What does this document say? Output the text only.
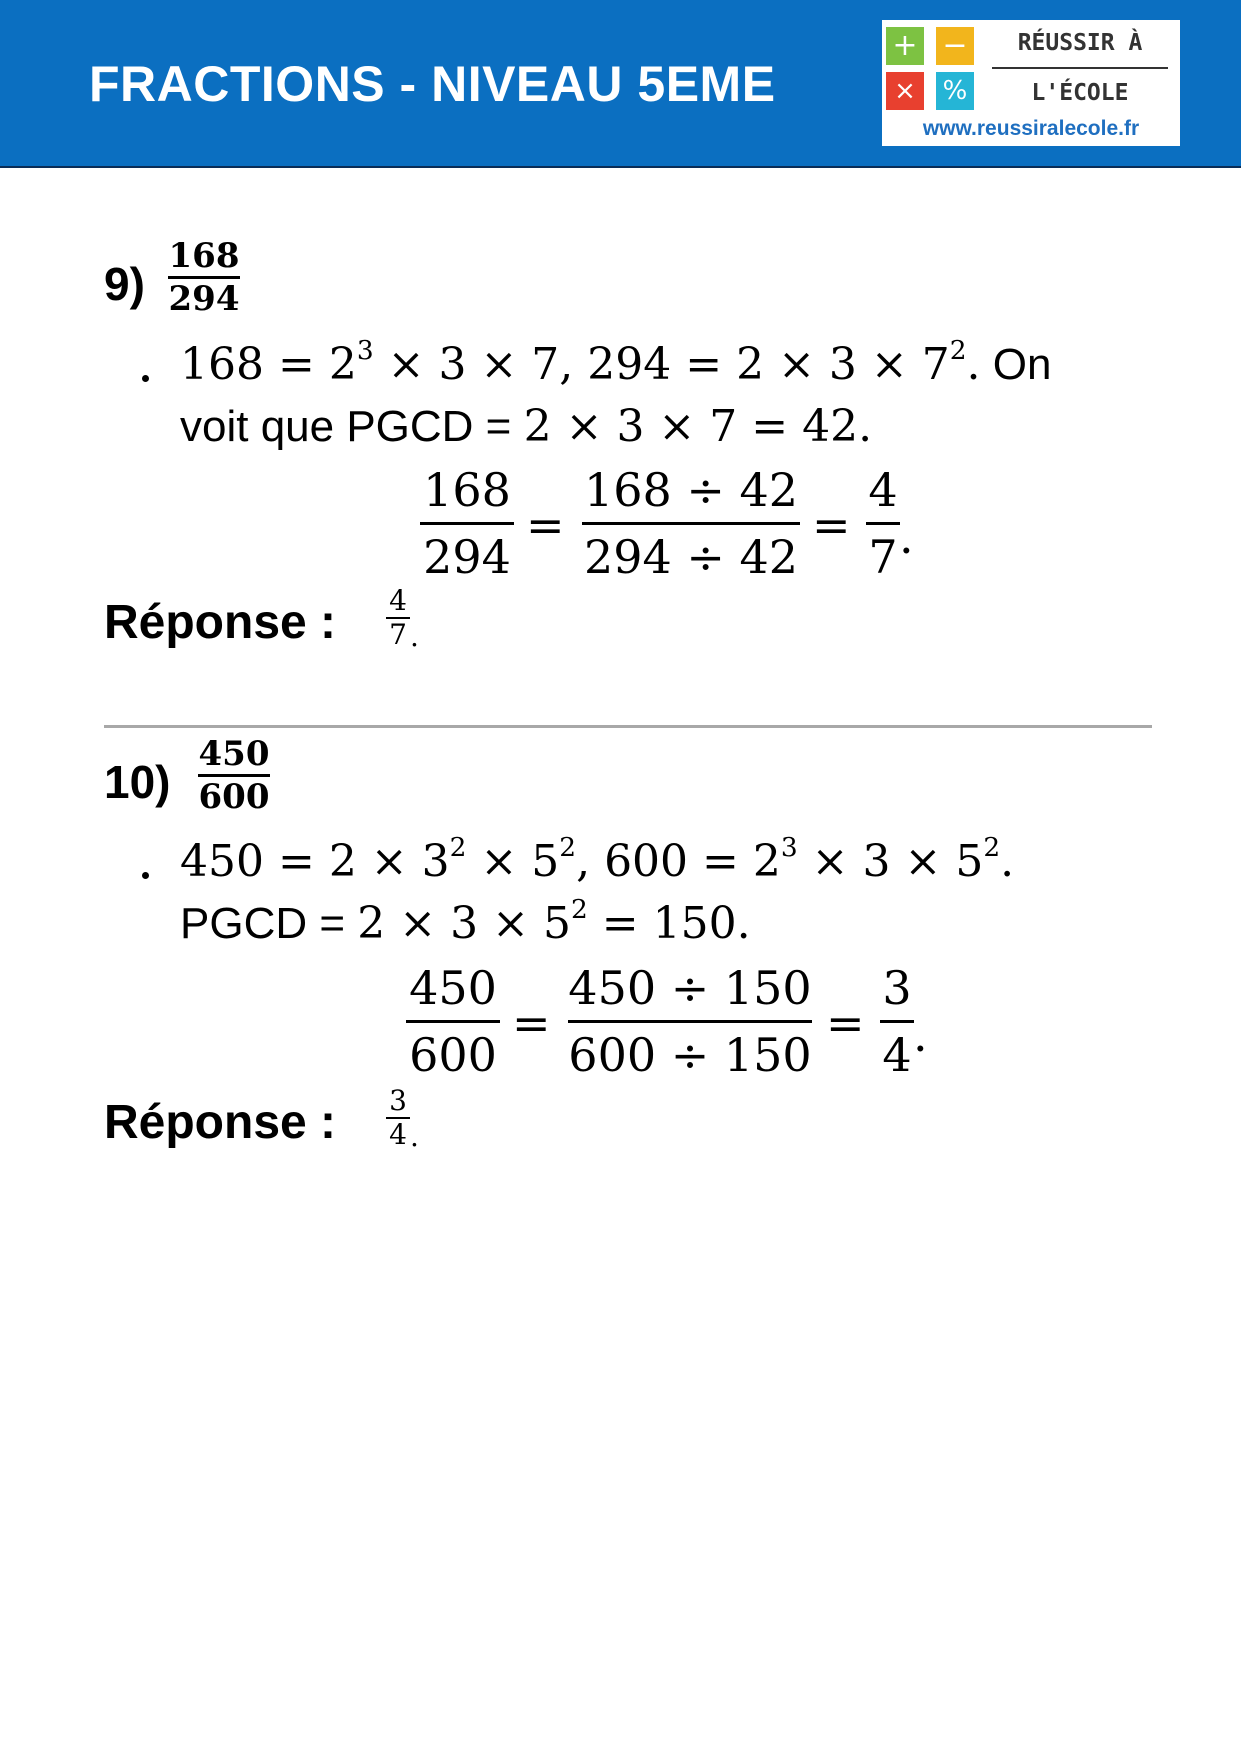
FRACTIONS - NIVEAU 5EME
+ −
×	%
RÉUSSIR À
L'ÉCOLE
www.reussiralecole.fr
9)
168
294
$168 = 2^3 \times 3 \times 7$, $294 = 2 \times 3 \times 7^2$. On
voit que PGCD = 2 × 3 × 7 = 42.
168
294
=
168 ÷ 42
294 ÷ 42
=
4
7 .
Réponse : 4
7 .
10)
450
600
$450 = 2 \times 3^2 \times 5^2$, $600 = 2^3 \times 3 \times 5^2$.
PGCD = $2 \times 3 \times 5^2 = 150$.
450
600
=
450 ÷ 150
600 ÷ 150
=
3
4 .
Réponse : 3
4 .
